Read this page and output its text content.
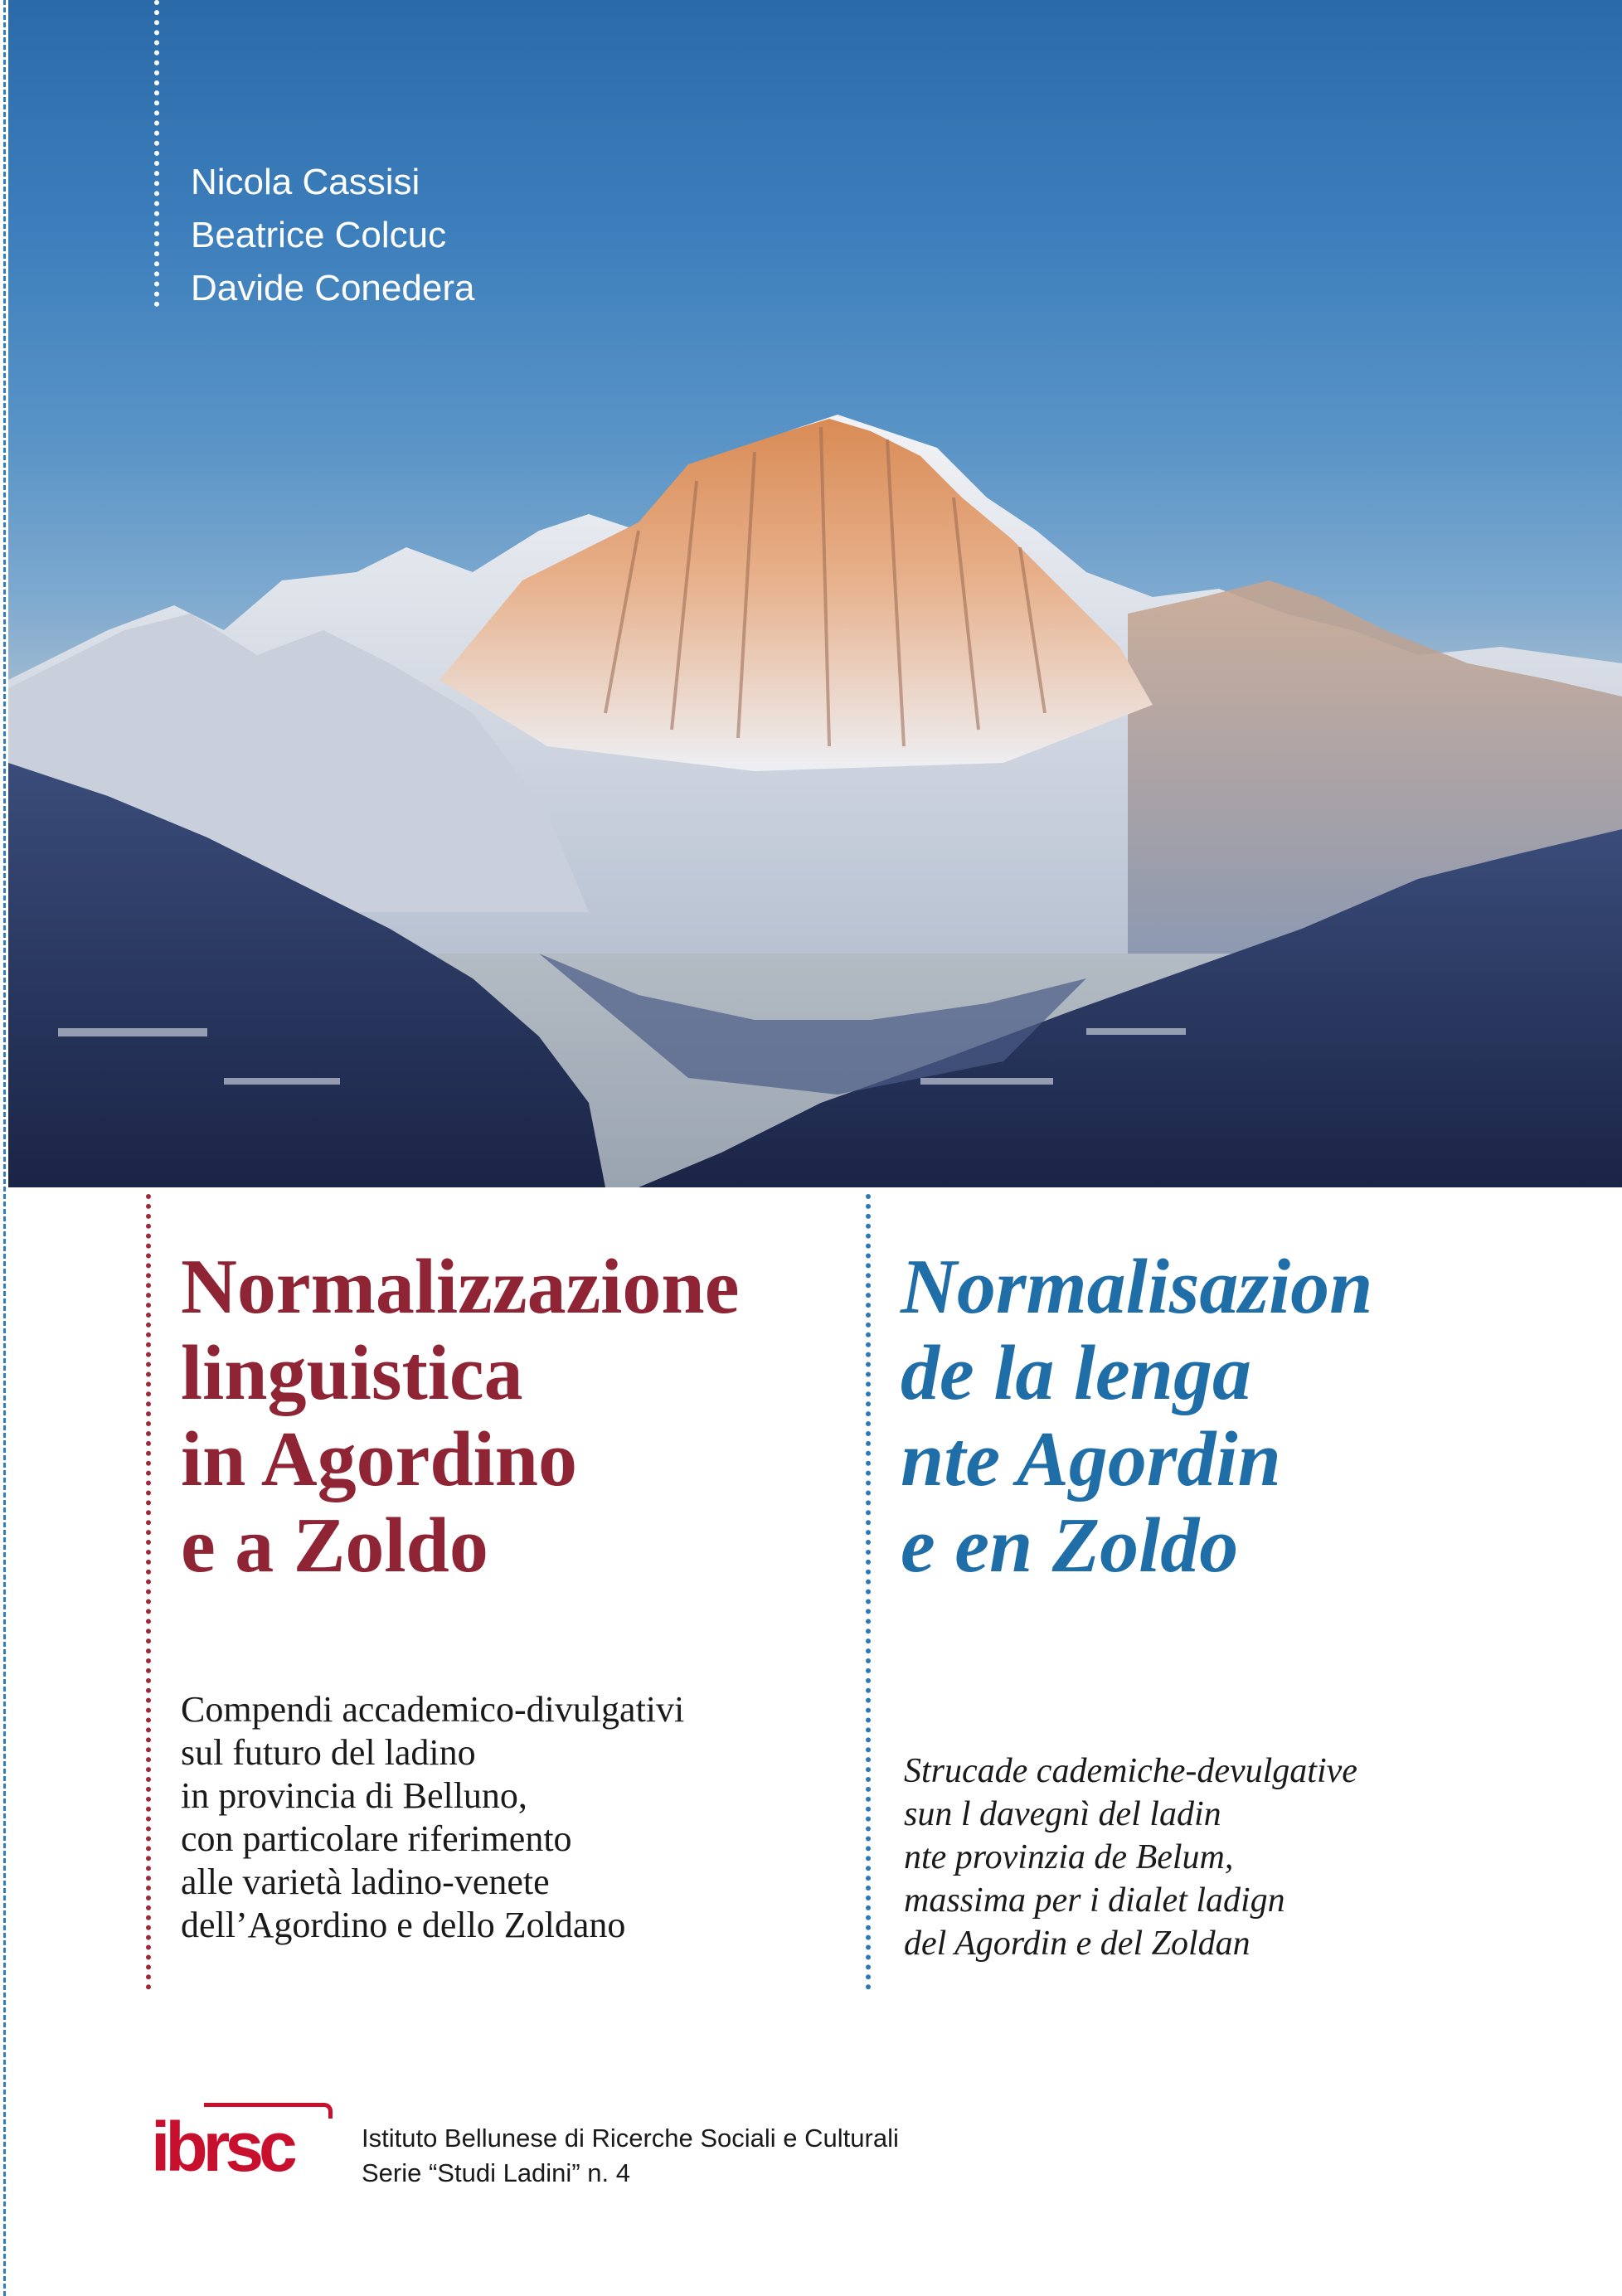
Nicola Cassisi
Beatrice Colcuc
Davide Conedera
Normalizzazione
linguistica
in Agordino
e a Zoldo
Normalisazion
de la lenga
nte Agordin
e en Zoldo
Compendi accademico-divulgativi
sul futuro del ladino
in provincia di Belluno,
con particolare riferimento
alle varietà ladino-venete
dell’Agordino e dello Zoldano
Strucade cademiche-devulgative
sun l davegnì del ladin
nte provinzia de Belum,
massima per i dialet ladign
del Agordin e del Zoldan
ibrsc	Istituto Bellunese di Ricerche Sociali e Culturali
Serie “Studi Ladini” n. 4
